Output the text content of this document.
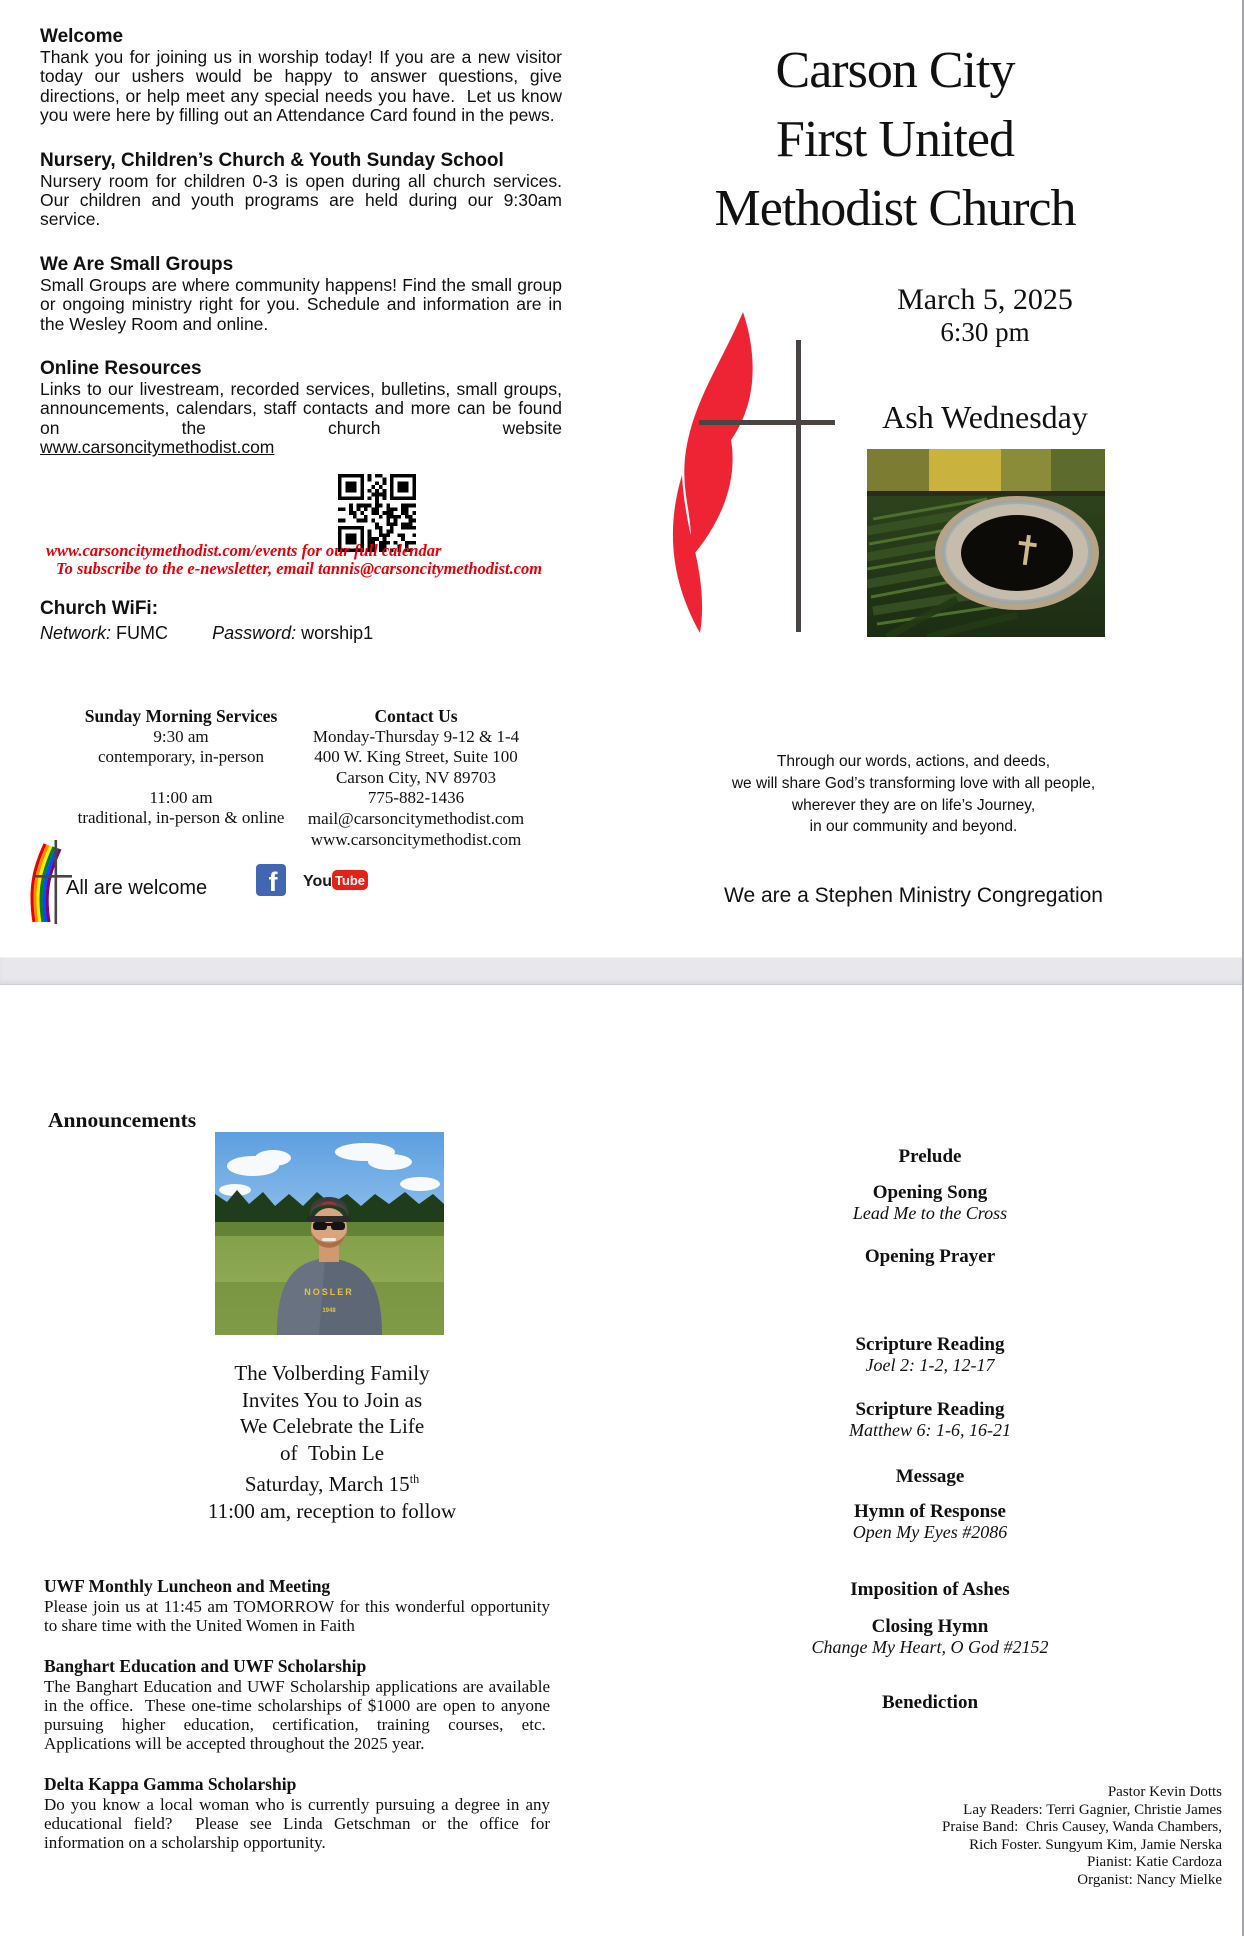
Welcome

Thank you for joining us in worship today! If you are a new visitor today our ushers would be happy to answer questions, give directions, or help meet any special needs you have.  Let us know you were here by filling out an Attendance Card found in the pews.

Nursery, Children’s Church & Youth Sunday School

Nursery room for children 0-3 is open during all church services. Our children and youth programs are held during our 9:30am service.

We Are Small Groups

Small Groups are where community happens! Find the small group or ongoing ministry right for you. Schedule and information are in the Wesley Room and online.

Online Resources

Links to our livestream, recorded services, bulletins, small groups, announcements, calendars, staff contacts and more can be found on the church website

www.carsoncitymethodist.com
www.carsoncitymethodist.com/events for our full calendar
To subscribe to the e-newsletter, email tannis@carsoncitymethodist.com
Church WiFi:
Network: FUMC Password: worship1
Sunday Morning Services
9:30 am
contemporary, in-person
11:00 am
traditional, in-person & online
Contact Us
Monday-Thursday 9-12 & 1-4
400 W. King Street, Suite 100
Carson City, NV 89703
775-882-1436
mail@carsoncitymethodist.com
www.carsoncitymethodist.com
All are welcome f You Tube
Carson City
First United
Methodist Church
March 5, 2025
6:30 pm
Ash Wednesday
Through our words, actions, and deeds,
we will share God’s transforming love with all people,
wherever they are on life’s Journey,
in our community and beyond.
We are a Stephen Ministry Congregation
Announcements
NOSLER
1948
The Volberding Family
Invites You to Join as
We Celebrate the Life
of  Tobin Le
Saturday, March 15th
11:00 am, reception to follow
UWF Monthly Luncheon and Meeting

Please join us at 11:45 am TOMORROW for this wonderful opportunity to share time with the United Women in Faith

Banghart Education and UWF Scholarship

The Banghart Education and UWF Scholarship applications are available in the office.  These one-time scholarships of $1000 are open to anyone pursuing higher education, certification, training courses, etc.  Applications will be accepted throughout the 2025 year.

Delta Kappa Gamma Scholarship

Do you know a local woman who is currently pursuing a degree in any educational field?  Please see Linda Getschman or the office for information on a scholarship opportunity.

Prelude
Opening Song
Lead Me to the Cross
Opening Prayer
Scripture Reading
Joel 2: 1-2, 12-17
Scripture Reading
Matthew 6: 1-6, 16-21
Message
Hymn of Response
Open My Eyes #2086
Imposition of Ashes
Closing Hymn
Change My Heart, O God #2152
Benediction
Pastor Kevin Dotts
Lay Readers: Terri Gagnier, Christie James
Praise Band:  Chris Causey, Wanda Chambers,
Rich Foster. Sungyum Kim, Jamie Nerska
Pianist: Katie Cardoza
Organist: Nancy Mielke
